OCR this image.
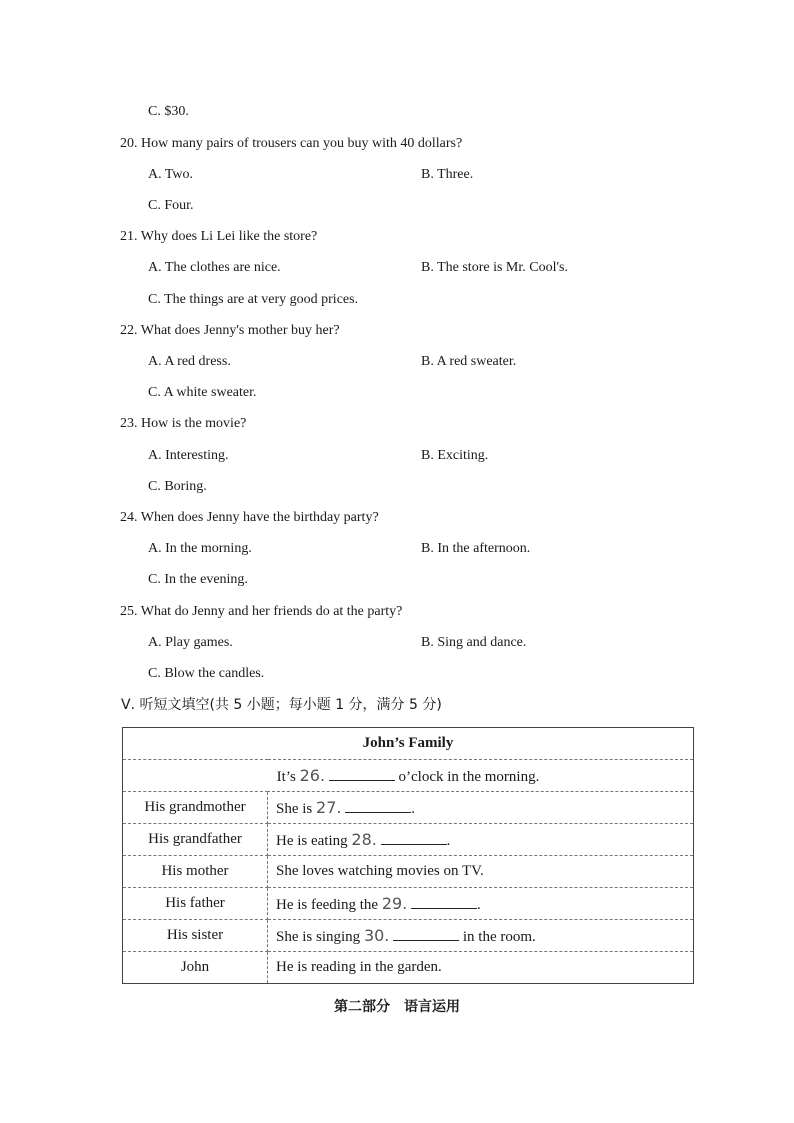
C. $30.
20. How many pairs of trousers can you buy with 40 dollars?
A. Two.	B. Three.
C. Four.
21. Why does Li Lei like the store?
A. The clothes are nice.	B. The store is Mr. Cool's.
C. The things are at very good prices.
22. What does Jenny's mother buy her?
A. A red dress.	B. A red sweater.
C. A white sweater.
23. How is the movie?
A. Interesting.	B. Exciting.
C. Boring.
24. When does Jenny have the birthday party?
A. In the morning.	B. In the afternoon.
C. In the evening.
25. What do Jenny and her friends do at the party?
A. Play games.	B. Sing and dance.
C. Blow the candles.
Ⅴ. 听短文填空(共 5 小题；每小题 1 分，满分 5 分)
John’s Family	
It’s 26. o’clock in the morning.	
His grandmother	She is 27. .
His grandfather	He is eating 28. .
His mother	She loves watching movies on TV.
His father	He is feeding the 29. .
His sister	She is singing 30. in the room.
John	He is reading in the garden.
第二部分　语言运用
